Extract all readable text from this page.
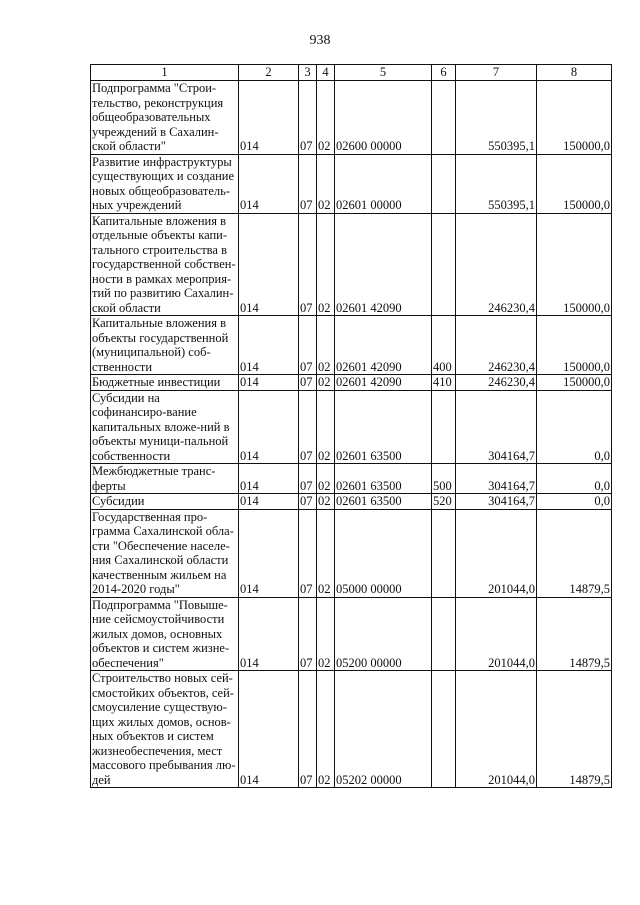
938
1	2	3	4	5	6	7	8
Подпрограмма "Строи-тельство, реконструкция общеобразовательных учреждений в Сахалин-ской области"	014	07	02	02600 00000		550395,1	150000,0
Развитие инфраструктуры существующих и создание новых общеобразователь-ных учреждений	014	07	02	02601 00000		550395,1	150000,0
Капитальные вложения в отдельные объекты капи-тального строительства в государственной собствен-ности в рамках мероприя-тий по развитию Сахалин-ской области	014	07	02	02601 42090		246230,4	150000,0
Капитальные вложения в объекты государственной (муниципальной) соб-ственности	014	07	02	02601 42090	400	246230,4	150000,0
Бюджетные инвестиции	014	07	02	02601 42090	410	246230,4	150000,0
Субсидии на софинансиро-вание капитальных вложе-ний в объекты муници-пальной собственности	014	07	02	02601 63500		304164,7	0,0
Межбюджетные транс-ферты	014	07	02	02601 63500	500	304164,7	0,0
Субсидии	014	07	02	02601 63500	520	304164,7	0,0
Государственная про-грамма Сахалинской обла-сти "Обеспечение населе-ния Сахалинской области качественным жильем на 2014-2020 годы"	014	07	02	05000 00000		201044,0	14879,5
Подпрограмма "Повыше-ние сейсмоустойчивости жилых домов, основных объектов и систем жизне-обеспечения"	014	07	02	05200 00000		201044,0	14879,5
Строительство новых сей-смостойких объектов, сей-смоусиление существую-щих жилых домов, основ-ных объектов и систем жизнеобеспечения, мест массового пребывания лю-дей	014	07	02	05202 00000		201044,0	14879,5
